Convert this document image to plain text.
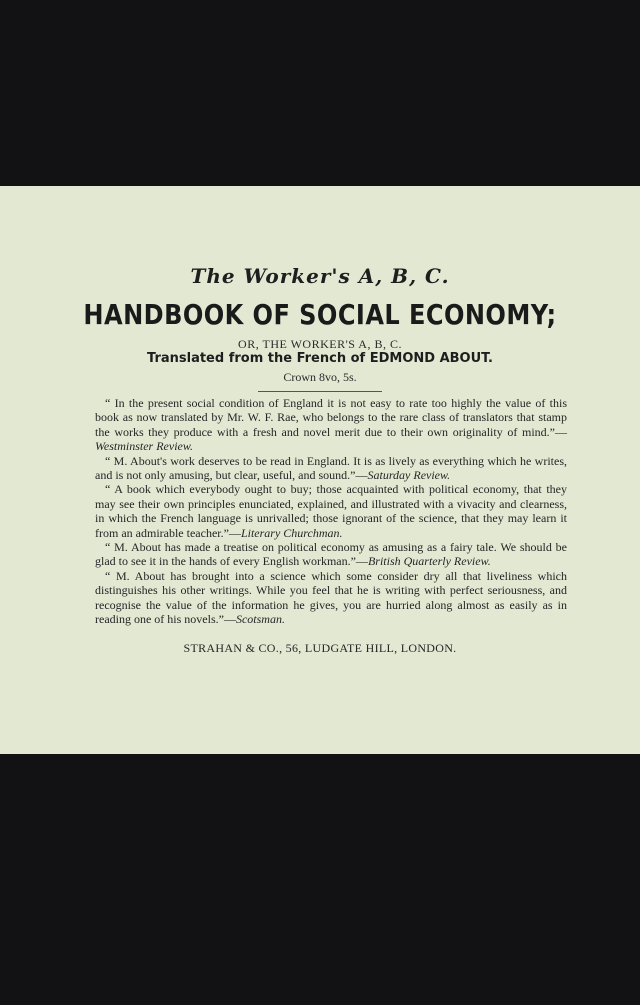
The Worker's A, B, C.
HANDBOOK OF SOCIAL ECONOMY;
OR, THE WORKER'S A, B, C.
Translated from the French of EDMOND ABOUT.
Crown 8vo, 5s.

“ In the present social condition of England it is not easy to rate too highly the value of this book as now translated by Mr. W. F. Rae, who belongs to the rare class of translators that stamp the works they produce with a fresh and novel merit due to their own originality of mind.”—Westminster Review.

“ M. About's work deserves to be read in England. It is as lively as everything which he writes, and is not only amusing, but clear, useful, and sound.”—Saturday Review.

“ A book which everybody ought to buy; those acquainted with political economy, that they may see their own principles enunciated, explained, and illustrated with a vivacity and clearness, in which the French language is unrivalled; those ignorant of the science, that they may learn it from an admirable teacher.”—Literary Churchman.

“ M. About has made a treatise on political economy as amusing as a fairy tale. We should be glad to see it in the hands of every English workman.”—British Quarterly Review.

“ M. About has brought into a science which some consider dry all that liveliness which distinguishes his other writings. While you feel that he is writing with perfect seriousness, and recognise the value of the information he gives, you are hurried along almost as easily as in reading one of his novels.”—Scotsman.

STRAHAN & CO., 56, LUDGATE HILL, LONDON.
